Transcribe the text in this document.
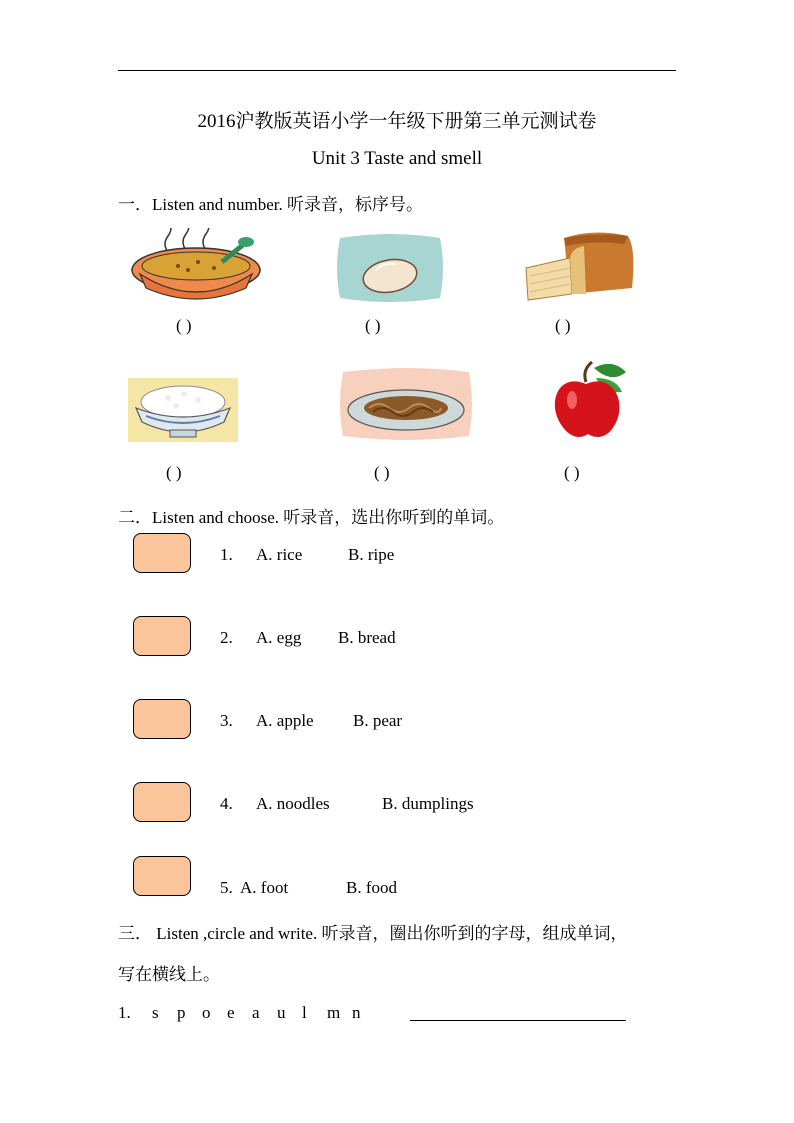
2016沪教版英语小学一年级下册第三单元测试卷
Unit 3 Taste and smell
一．Listen and number. 听录音，标序号。
( )	( )	( )
( )	( )	( )
二．Listen and choose. 听录音，选出你听到的单词。
1. A. rice	B. ripe
2. A. egg B. bread
3. A. apple B. pear
4. A. noodles	B. dumplings
5. A. foot	B. food
三． Listen ,circle and write. 听录音，圈出你听到的字母，组成单词，
写在横线上。
1. s p o e a u l m n
